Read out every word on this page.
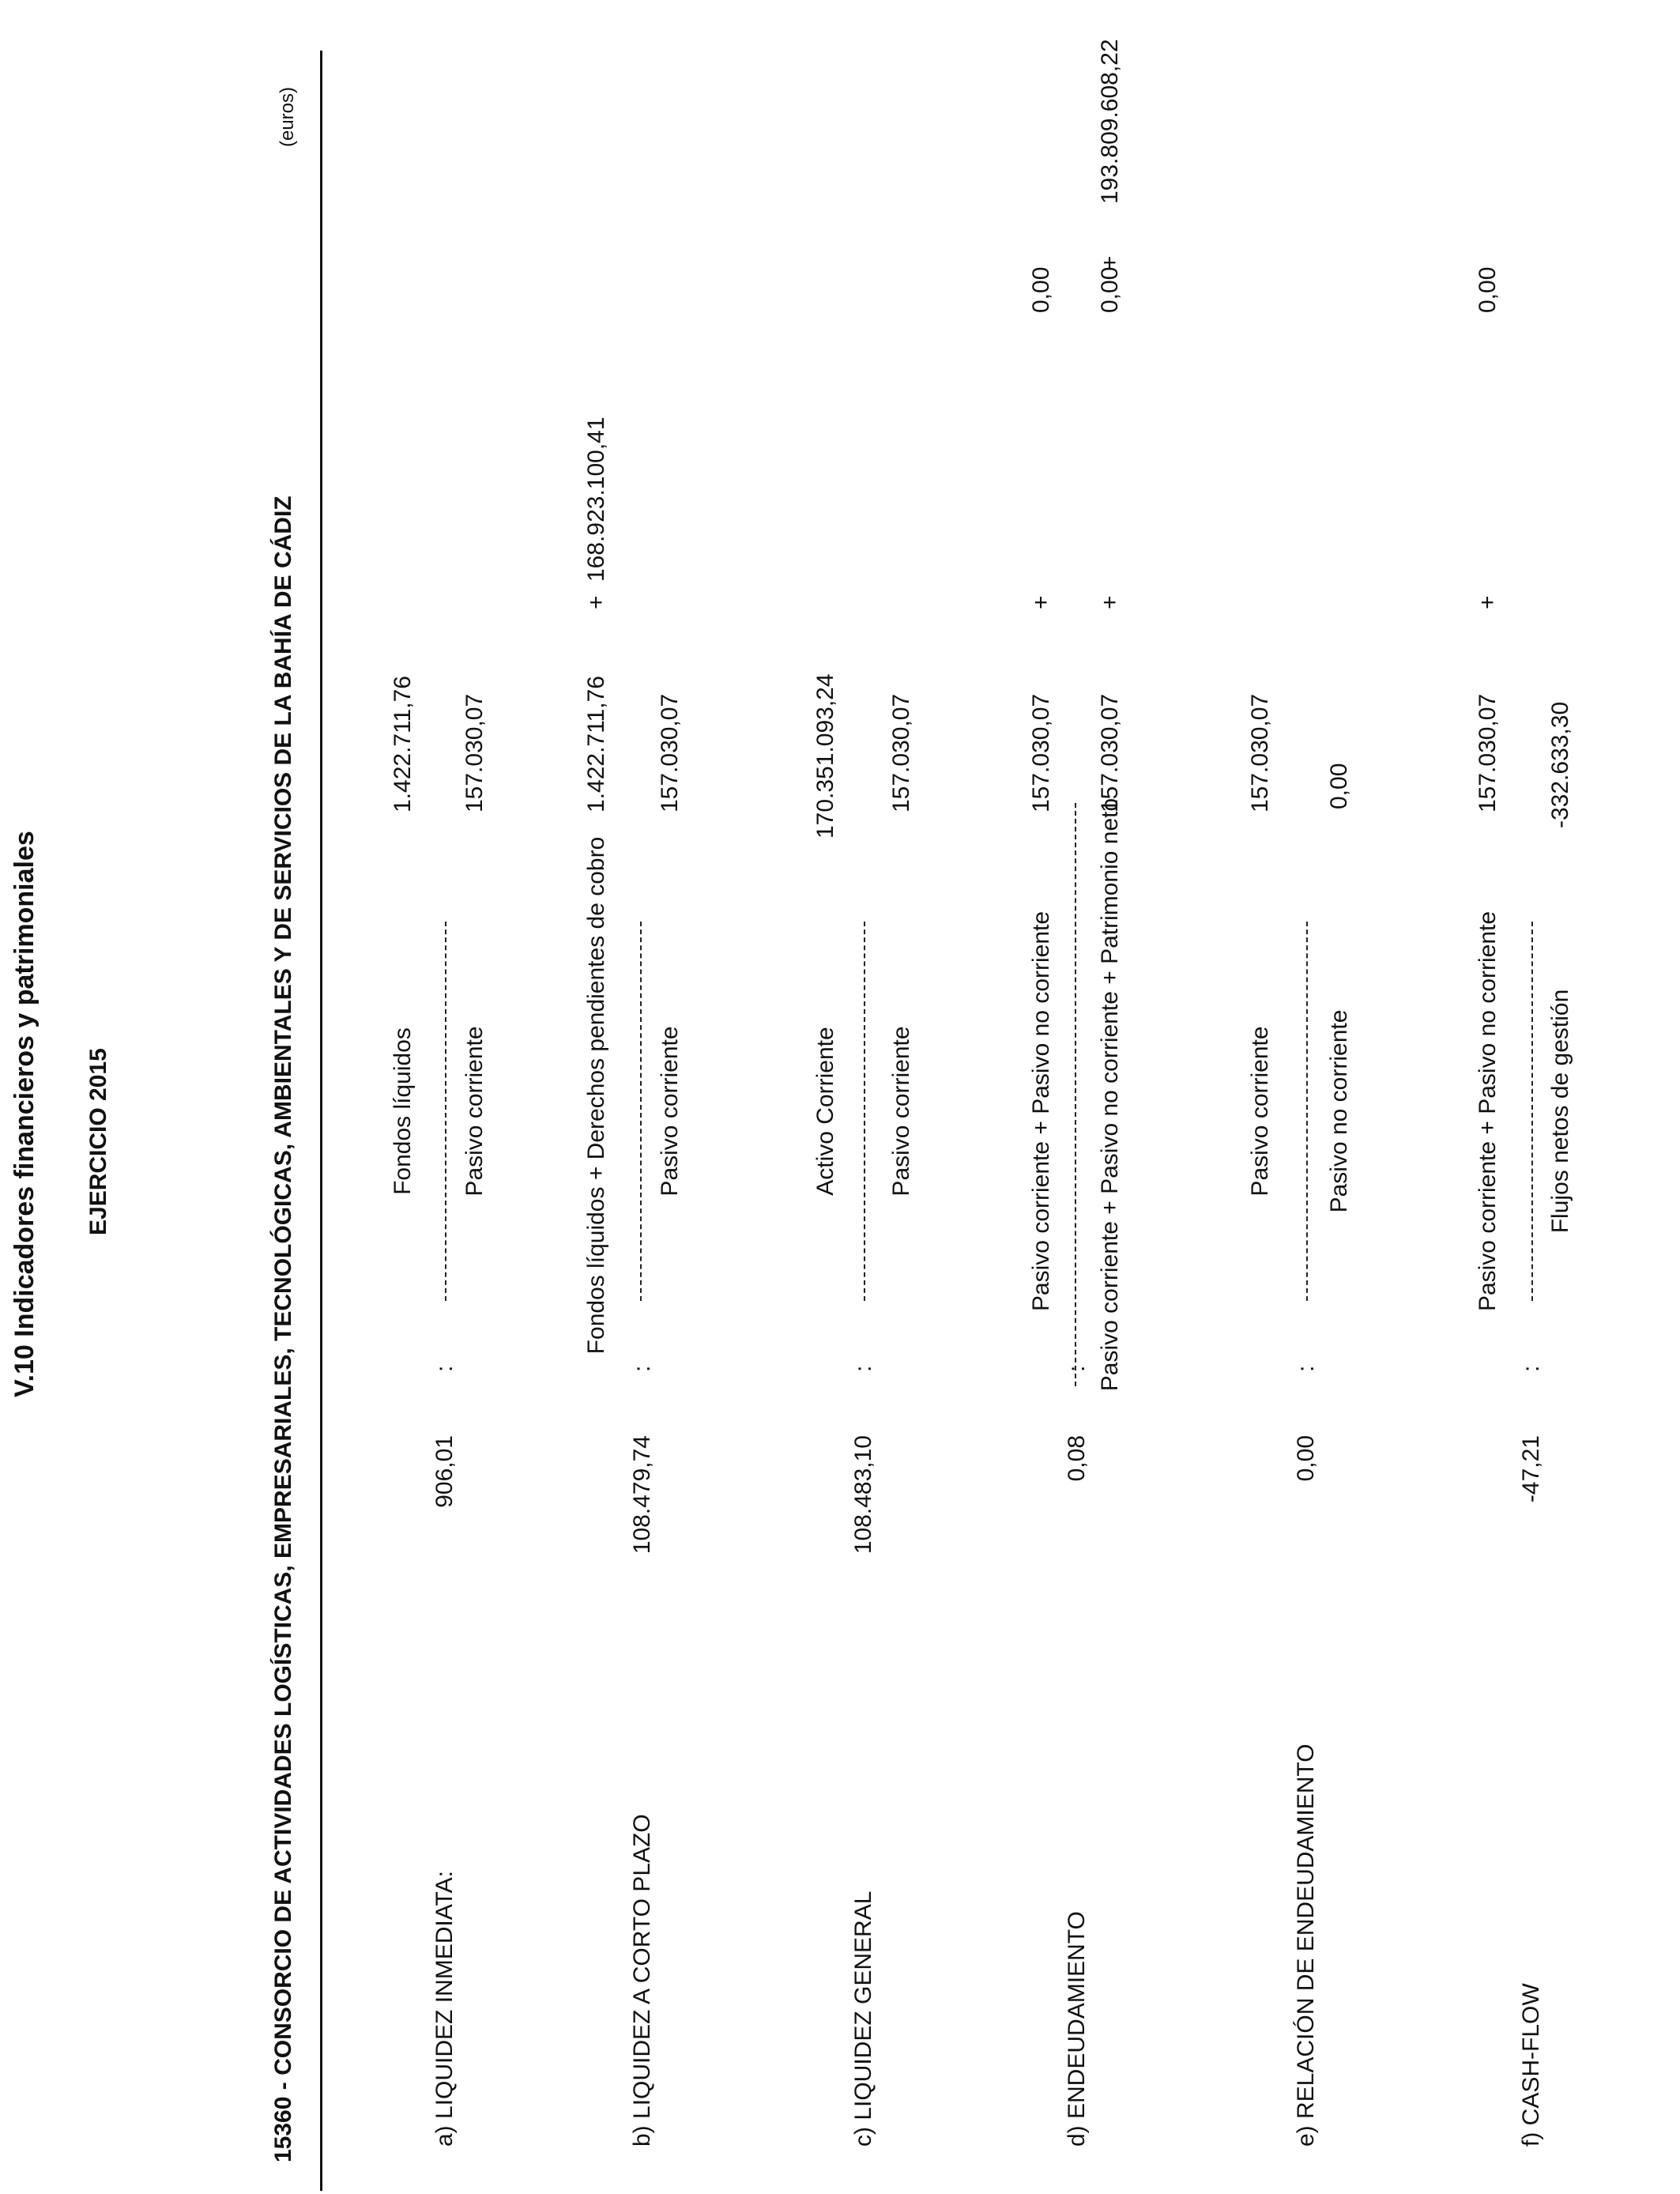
V.10 Indicadores financieros y patrimoniales EJERCICIO 2015	15360 - CONSORCIO DE ACTIVIDADES LOGÍSTICAS, EMPRESARIALES, TECNOLÓGICAS, AMBIENTALES Y DE SERVICIOS DE LA BAHÍA DE CÁDIZ
(euros)
a) LIQUIDEZ INMEDIATA:
906,01
:
Fondos líquidos Pasivo corriente
1.422.711,76 157.030,07
b) LIQUIDEZ A CORTO PLAZO
108.479,74
:
Fondos líquidos + Derechos pendientes de cobro Pasivo corriente
1.422.711,76
+
168.923.100,41
157.030,07
c) LIQUIDEZ GENERAL
108.483,10
:
Activo Corriente Pasivo corriente
170.351.093,24 157.030,07
d) ENDEUDAMIENTO
0,08
:
Pasivo corriente + Pasivo no corriente Pasivo corriente + Pasivo no corriente + Patrimonio neto
157.030,07
+
0,00
157.030,07
+
0,00
+
193.809.608,22
e) RELACIÓN DE ENDEUDAMIENTO
0,00
:
Pasivo corriente Pasivo no corriente
157.030,07 0,00
f) CASH-FLOW
-47,21
:
Pasivo corriente + Pasivo no corriente Flujos netos de gestión
157.030,07
+
0,00
-332.633,30
